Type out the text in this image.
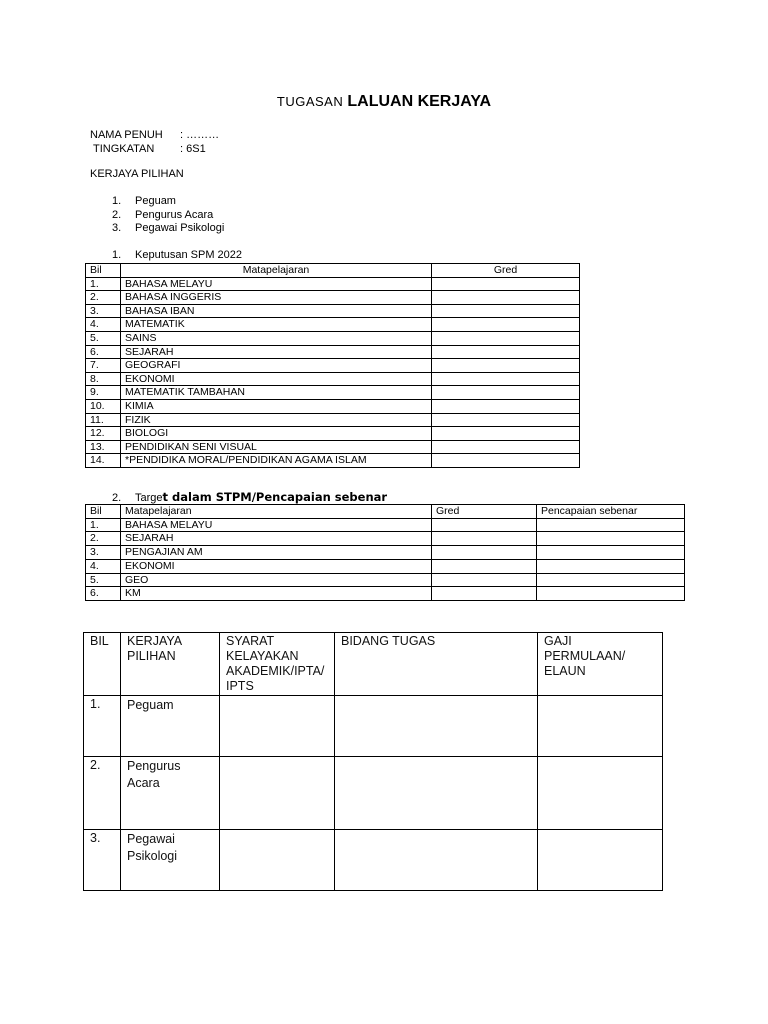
TUGASAN LALUAN KERJAYA
NAMA PENUH : ………
TINGKATAN : 6S1
KERJAYA PILIHAN
1. Peguam
2. Pengurus Acara
3. Pegawai Psikologi
1. Keputusan SPM 2022
Bil	Matapelajaran	Gred
1.	BAHASA MELAYU	
2.	BAHASA INGGERIS	
3.	BAHASA IBAN	
4.	MATEMATIK	
5.	SAINS	
6.	SEJARAH	
7.	GEOGRAFI	
8.	EKONOMI	
9.	MATEMATIK TAMBAHAN	
10.	KIMIA	
11.	FIZIK	
12.	BIOLOGI	
13.	PENDIDIKAN SENI VISUAL	
14.	*PENDIDIKA MORAL/PENDIDIKAN AGAMA ISLAM	
2. Target dalam STPM/Pencapaian sebenar
Bil	Matapelajaran	Gred	Pencapaian sebenar
1.	BAHASA MELAYU		
2.	SEJARAH		
3.	PENGAJIAN AM		
4.	EKONOMI		
5.	GEO		
6.	KM		
BIL	KERJAYA PILIHAN	SYARAT KELAYAKAN AKADEMIK/IPTA/ IPTS	BIDANG TUGAS	GAJI PERMULAAN/ ELAUN
1.	Peguam			
2.	Pengurus Acara			
3.	Pegawai Psikologi			
